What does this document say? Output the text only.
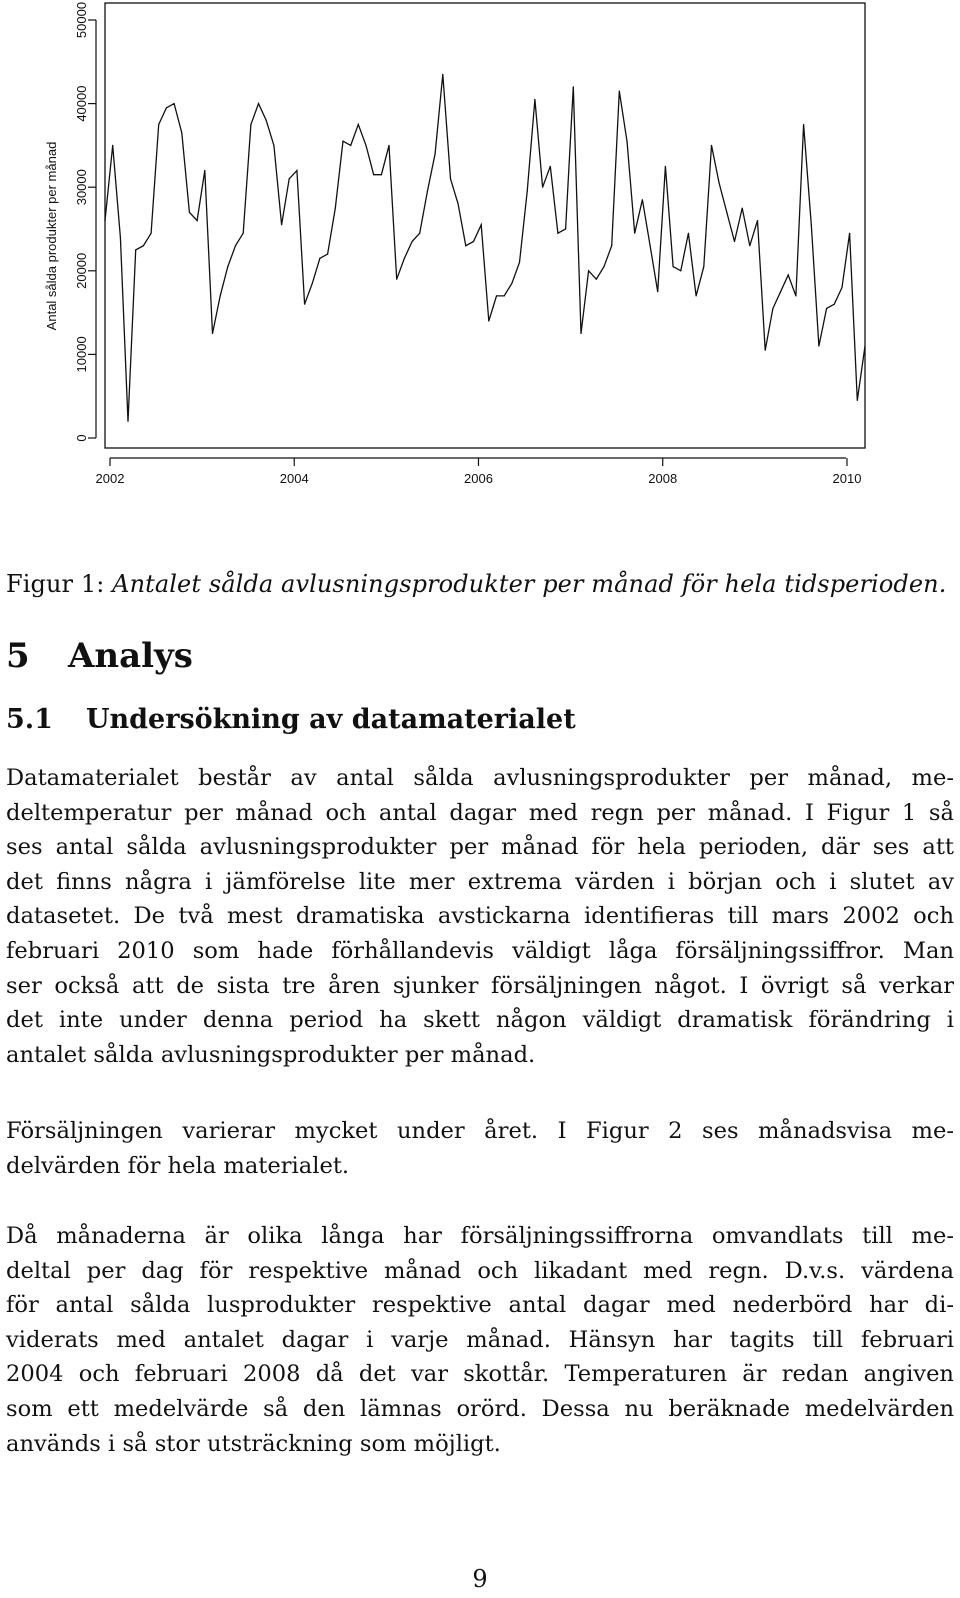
0
10000
20000
30000
40000
50000
2002	2004	2006	2008	2010
Antal sålda produkter per månad
Figur 1: Antalet sålda avlusningsprodukter per månad för hela tidsperioden.
5 Analys
5.1 Undersökning av datamaterialet
Datamaterialet består av antal sålda avlusningsprodukter per månad, me-
deltemperatur per månad och antal dagar med regn per månad. I Figur 1 så
ses antal sålda avlusningsprodukter per månad för hela perioden, där ses att
det finns några i jämförelse lite mer extrema värden i början och i slutet av
datasetet. De två mest dramatiska avstickarna identifieras till mars 2002 och
februari 2010 som hade förhållandevis väldigt låga försäljningssiffror. Man
ser också att de sista tre åren sjunker försäljningen något. I övrigt så verkar
det inte under denna period ha skett någon väldigt dramatisk förändring i
antalet sålda avlusningsprodukter per månad.
Försäljningen varierar mycket under året. I Figur 2 ses månadsvisa me-
delvärden för hela materialet.
Då månaderna är olika långa har försäljningssiffrorna omvandlats till me-
deltal per dag för respektive månad och likadant med regn. D.v.s. värdena
för antal sålda lusprodukter respektive antal dagar med nederbörd har di-
viderats med antalet dagar i varje månad. Hänsyn har tagits till februari
2004 och februari 2008 då det var skottår. Temperaturen är redan angiven
som ett medelvärde så den lämnas orörd. Dessa nu beräknade medelvärden
används i så stor utsträckning som möjligt.
9
